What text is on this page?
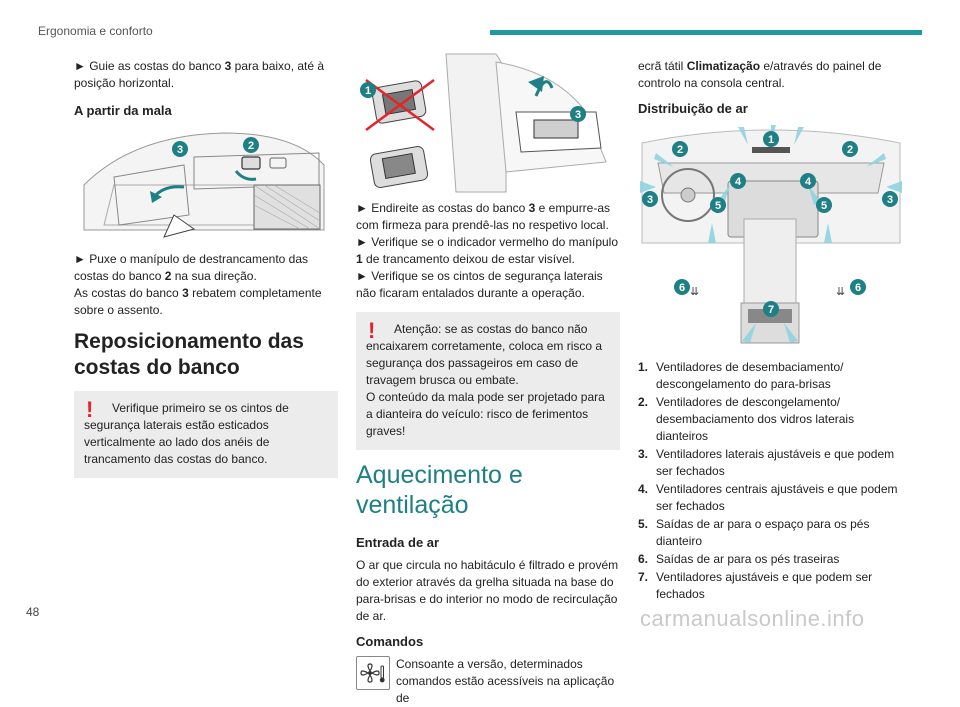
Ergonomia e conforto

► Guie as costas do banco 3 para baixo, até à posição horizontal.

A partir da mala
3	2

► Puxe o manípulo de destrancamento das costas do banco 2 na sua direção.

As costas do banco 3 rebatem completamente sobre o assento.

Reposicionamento das costas do banco
!	Verifique primeiro se os cintos de segurança laterais estão esticados verticalmente ao lado dos anéis de trancamento das costas do banco.

1
3

► Endireite as costas do banco 3 e empurre-as com firmeza para prendê-las no respetivo local.

► Verifique se o indicador vermelho do manípulo 1 de trancamento deixou de estar visível.

► Verifique se os cintos de segurança laterais não ficaram entalados durante a operação.

!	Atenção: se as costas do banco não encaixarem corretamente, coloca em risco a segurança dos passageiros em caso de travagem brusca ou embate.

O conteúdo da mala pode ser projetado para a dianteira do veículo: risco de ferimentos graves!

Aquecimento e ventilação
Entrada de ar

O ar que circula no habitáculo é filtrado e provém do exterior através da grelha situada na base do para-brisas e do interior no modo de recirculação de ar.

Comandos

Consoante a versão, determinados comandos estão acessíveis na aplicação de

ecrã tátil Climatização e/através do painel de controlo na consola central.

Distribuição de ar
⇊	⇊
1
2	2
3	3
4	4
5	5
6	6
7
1. Ventiladores de desembaciamento/ descongelamento do para-brisas
2. Ventiladores de descongelamento/ desembaciamento dos vidros laterais dianteiros
3. Ventiladores laterais ajustáveis e que podem ser fechados
4. Ventiladores centrais ajustáveis e que podem ser fechados
5. Saídas de ar para o espaço para os pés dianteiro
6. Saídas de ar para os pés traseiras
7. Ventiladores ajustáveis e que podem ser fechados
48	carmanualsonline.info
